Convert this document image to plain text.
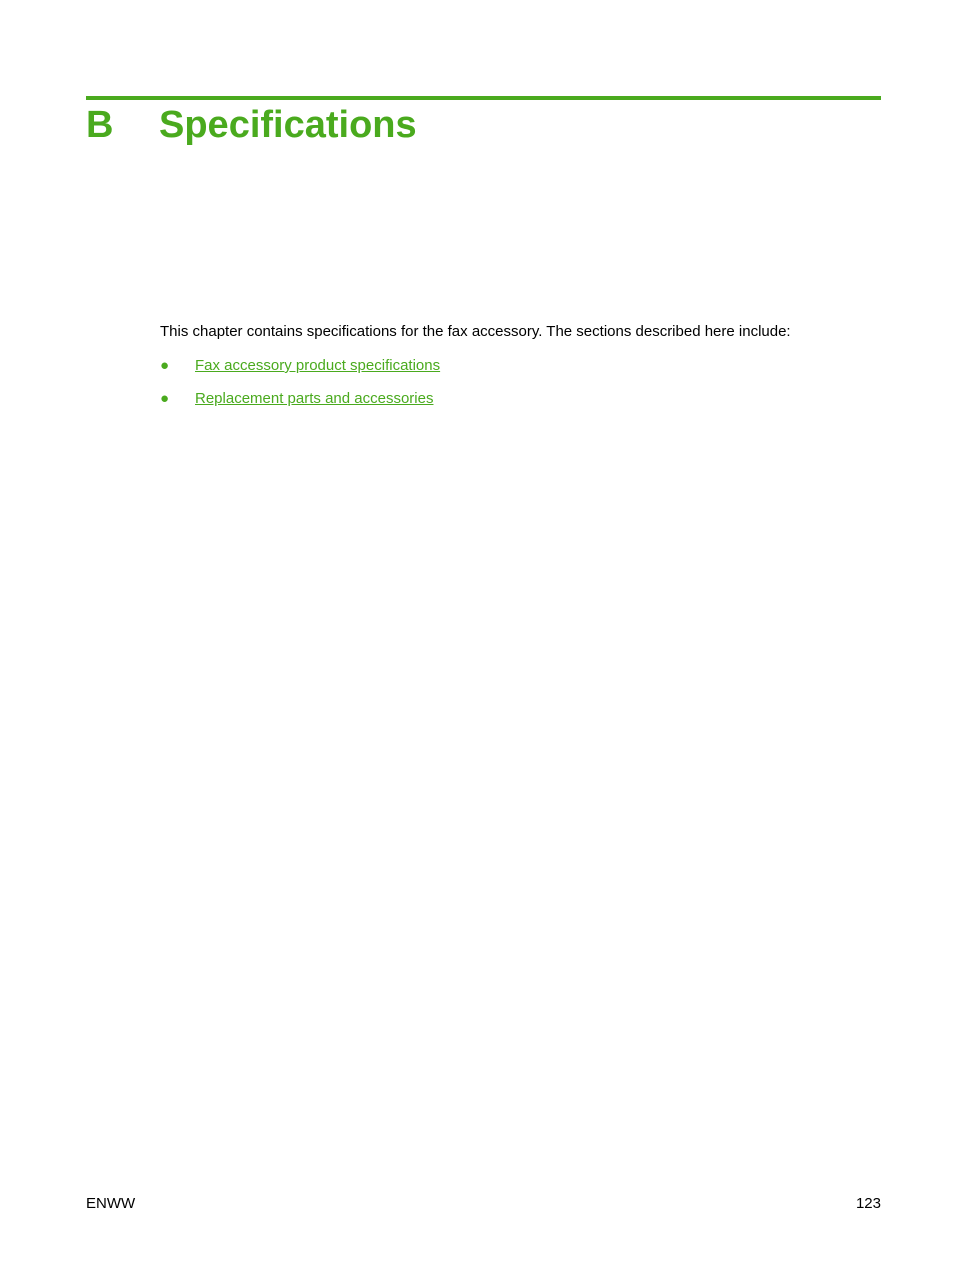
B Specifications
This chapter contains specifications for the fax accessory. The sections described here include:
● Fax accessory product specifications
● Replacement parts and accessories
ENWW	123
